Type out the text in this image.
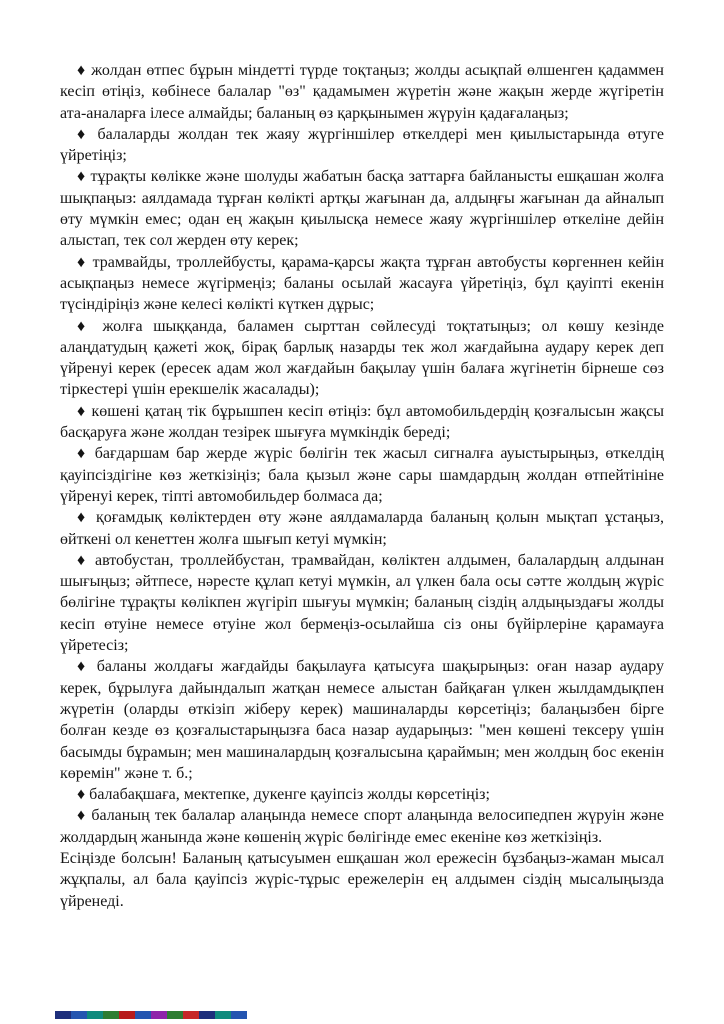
♦ жолдан өтпес бұрын міндетті түрде тоқтаңыз; жолды асықпай өлшенген қадаммен кесіп өтіңіз, көбінесе балалар "өз" қадамымен жүретін және жақын жерде жүгіретін ата-аналарға ілесе алмайды; баланың өз қарқынымен жүруін қадағалаңыз;

♦ балаларды жолдан тек жаяу жүргіншілер өткелдері мен қиылыстарында өтуге үйретіңіз;

♦ тұрақты көлікке және шолуды жабатын басқа заттарға байланысты ешқашан жолға шықпаңыз: аялдамада тұрған көлікті артқы жағынан да, алдыңғы жағынан да айналып өту мүмкін емес; одан ең жақын қиылысқа немесе жаяу жүргіншілер өткеліне дейін алыстап, тек сол жерден өту керек;

♦ трамвайды, троллейбусты, қарама-қарсы жақта тұрған автобусты көргеннен кейін асықпаңыз немесе жүгірмеңіз; баланы осылай жасауға үйретіңіз, бұл қауіпті екенін түсіндіріңіз және келесі көлікті күткен дұрыс;

♦ жолға шыққанда, баламен сырттан сөйлесуді тоқтатыңыз; ол көшу кезінде алаңдатудың қажеті жоқ, бірақ барлық назарды тек жол жағдайына аудару керек деп үйренуі керек (ересек адам жол жағдайын бақылау үшін балаға жүгінетін бірнеше сөз тіркестері үшін ерекшелік жасалады);

♦ көшені қатаң тік бұрышпен кесіп өтіңіз: бұл автомобильдердің қозғалысын жақсы басқаруға және жолдан тезірек шығуға мүмкіндік береді;

♦ бағдаршам бар жерде жүріс бөлігін тек жасыл сигналға ауыстырыңыз, өткелдің қауіпсіздігіне көз жеткізіңіз; бала қызыл және сары шамдардың жолдан өтпейтініне үйренуі керек, тіпті автомобильдер болмаса да;

♦ қоғамдық көліктерден өту және аялдамаларда баланың қолын мықтап ұстаңыз, өйткені ол кенеттен жолға шығып кетуі мүмкін;

♦ автобустан, троллейбустан, трамвайдан, көліктен алдымен, балалардың алдынан шығыңыз; әйтпесе, нәресте құлап кетуі мүмкін, ал үлкен бала осы сәтте жолдың жүріс бөлігіне тұрақты көлікпен жүгіріп шығуы мүмкін; баланың сіздің алдыңыздағы жолды кесіп өтуіне немесе өтуіне жол бермеңіз-осылайша сіз оны бүйірлеріне қарамауға үйретесіз;

♦ баланы жолдағы жағдайды бақылауға қатысуға шақырыңыз: оған назар аудару керек, бұрылуға дайындалып жатқан немесе алыстан байқаған үлкен жылдамдықпен жүретін (оларды өткізіп жіберу керек) машиналарды көрсетіңіз; балаңызбен бірге болған кезде өз қозғалыстарыңызға баса назар аударыңыз: "мен көшені тексеру үшін басымды бұрамын; мен машиналардың қозғалысына қараймын; мен жолдың бос екенін көремін" және т. б.;

♦ балабақшаға, мектепке, дукенге қауіпсіз жолды көрсетіңіз;

♦ баланың тек балалар алаңында немесе спорт алаңында велосипедпен жүруін және жолдардың жанында және көшенің жүріс бөлігінде емес екеніне көз жеткізіңіз.

Есіңізде болсын! Баланың қатысуымен ешқашан жол ережесін бұзбаңыз-жаман мысал жұқпалы, ал бала қауіпсіз жүріс-тұрыс ережелерін ең алдымен сіздің мысалыңызда үйренеді.
